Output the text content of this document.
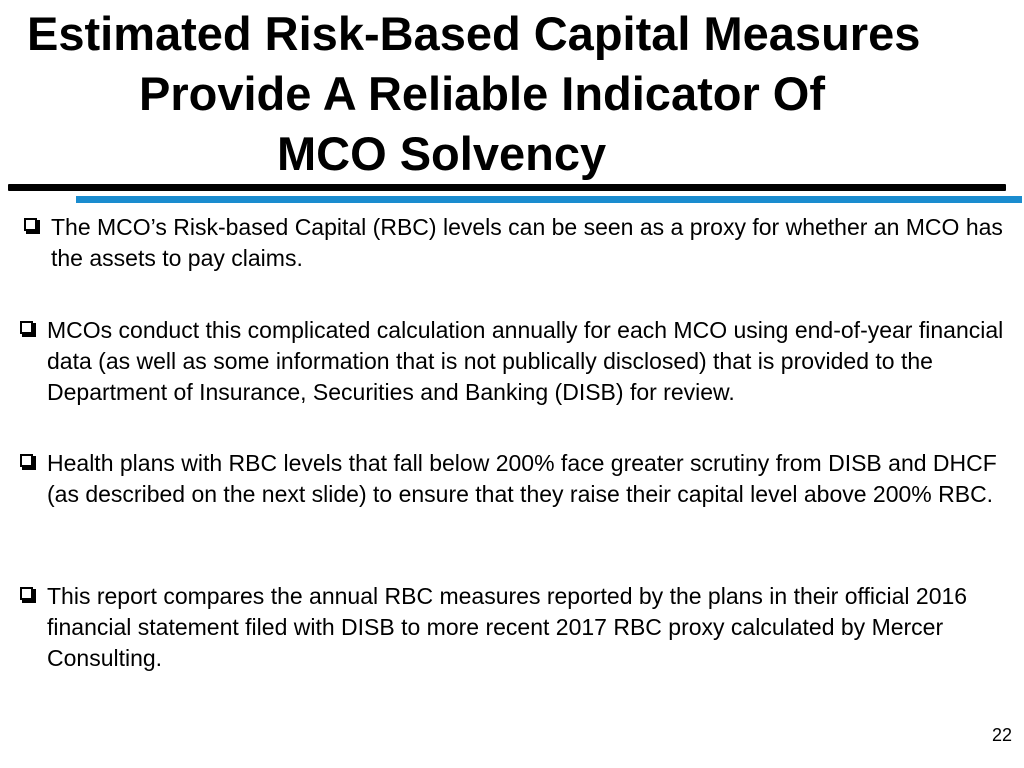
Estimated Risk-Based Capital Measures
Provide A Reliable Indicator Of
MCO Solvency
The MCO’s Risk-based Capital (RBC) levels can be seen as a proxy for whether an MCO has the assets to pay claims.
MCOs conduct this complicated calculation annually for each MCO using end-of-year financial data (as well as some information that is not publically disclosed) that is provided to the Department of Insurance, Securities and Banking (DISB) for review.
Health plans with RBC levels that fall below 200% face greater scrutiny from DISB and DHCF (as described on the next slide) to ensure that they raise their capital level above 200% RBC.
This report compares the annual RBC measures reported by the plans in their official 2016 financial statement filed with DISB to more recent 2017 RBC proxy calculated by Mercer Consulting.
22
